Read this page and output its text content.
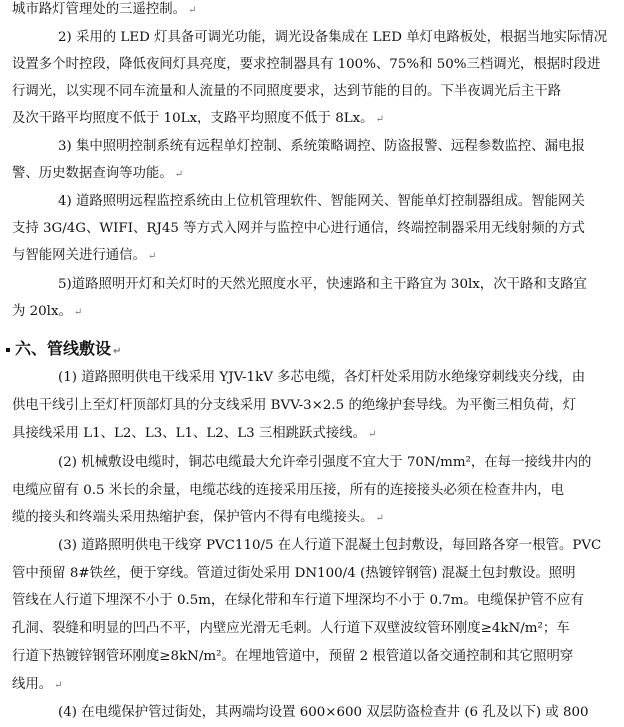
城市路灯管理处的三遥控制。 ↵
2) 采用的 LED 灯具备可调光功能，调光设备集成在 LED 单灯电路板处，根据当地实际情况
设置多个时控段，降低夜间灯具亮度，要求控制器具有 100%、75%和 50%三档调光，根据时段进
行调光，以实现不同车流量和人流量的不同照度要求，达到节能的目的。下半夜调光后主干路
及次干路平均照度不低于 10Lx，支路平均照度不低于 8Lx。 ↵
3) 集中照明控制系统有远程单灯控制、系统策略调控、防盗报警、远程参数监控、漏电报
警、历史数据查询等功能。 ↵
4) 道路照明远程监控系统由上位机管理软件、智能网关、智能单灯控制器组成。智能网关
支持 3G/4G、WIFI、RJ45 等方式入网并与监控中心进行通信，终端控制器采用无线射频的方式
与智能网关进行通信。 ↵
5)道路照明开灯和关灯时的天然光照度水平，快速路和主干路宜为 30lx，次干路和支路宜
为 20lx。 ↵
六、管线敷设 ↵
(1) 道路照明供电干线采用 YJV-1kV 多芯电缆，各灯杆处采用防水绝缘穿刺线夹分线，由
供电干线引上至灯杆顶部灯具的分支线采用 BVV-3×2.5 的绝缘护套导线。为平衡三相负荷，灯
具接线采用 L1、L2、L3、L1、L2、L3 三相跳跃式接线。 ↵
(2) 机械敷设电缆时，铜芯电缆最大允许牵引强度不宜大于 70N/mm²，在每一接线井内的
电缆应留有 0.5 米长的余量，电缆芯线的连接采用压接，所有的连接接头必须在检查井内，电
缆的接头和终端头采用热缩护套，保护管内不得有电缆接头。 ↵
(3) 道路照明供电干线穿 PVC110/5 在人行道下混凝土包封敷设，每回路各穿一根管。PVC
管中预留 8#铁丝，便于穿线。管道过街处采用 DN100/4 (热镀锌钢管) 混凝土包封敷设。照明
管线在人行道下埋深不小于 0.5m，在绿化带和车行道下埋深均不小于 0.7m。电缆保护管不应有
孔洞、裂缝和明显的凹凸不平，内壁应光滑无毛刺。人行道下双壁波纹管环刚度≥4kN/m²；车
行道下热镀锌钢管环刚度≥8kN/m²。在埋地管道中，预留 2 根管道以备交通控制和其它照明穿
线用。 ↵
(4) 在电缆保护管过街处，其两端均设置 600×600 双层防盗检查井 (6 孔及以下) 或 800
